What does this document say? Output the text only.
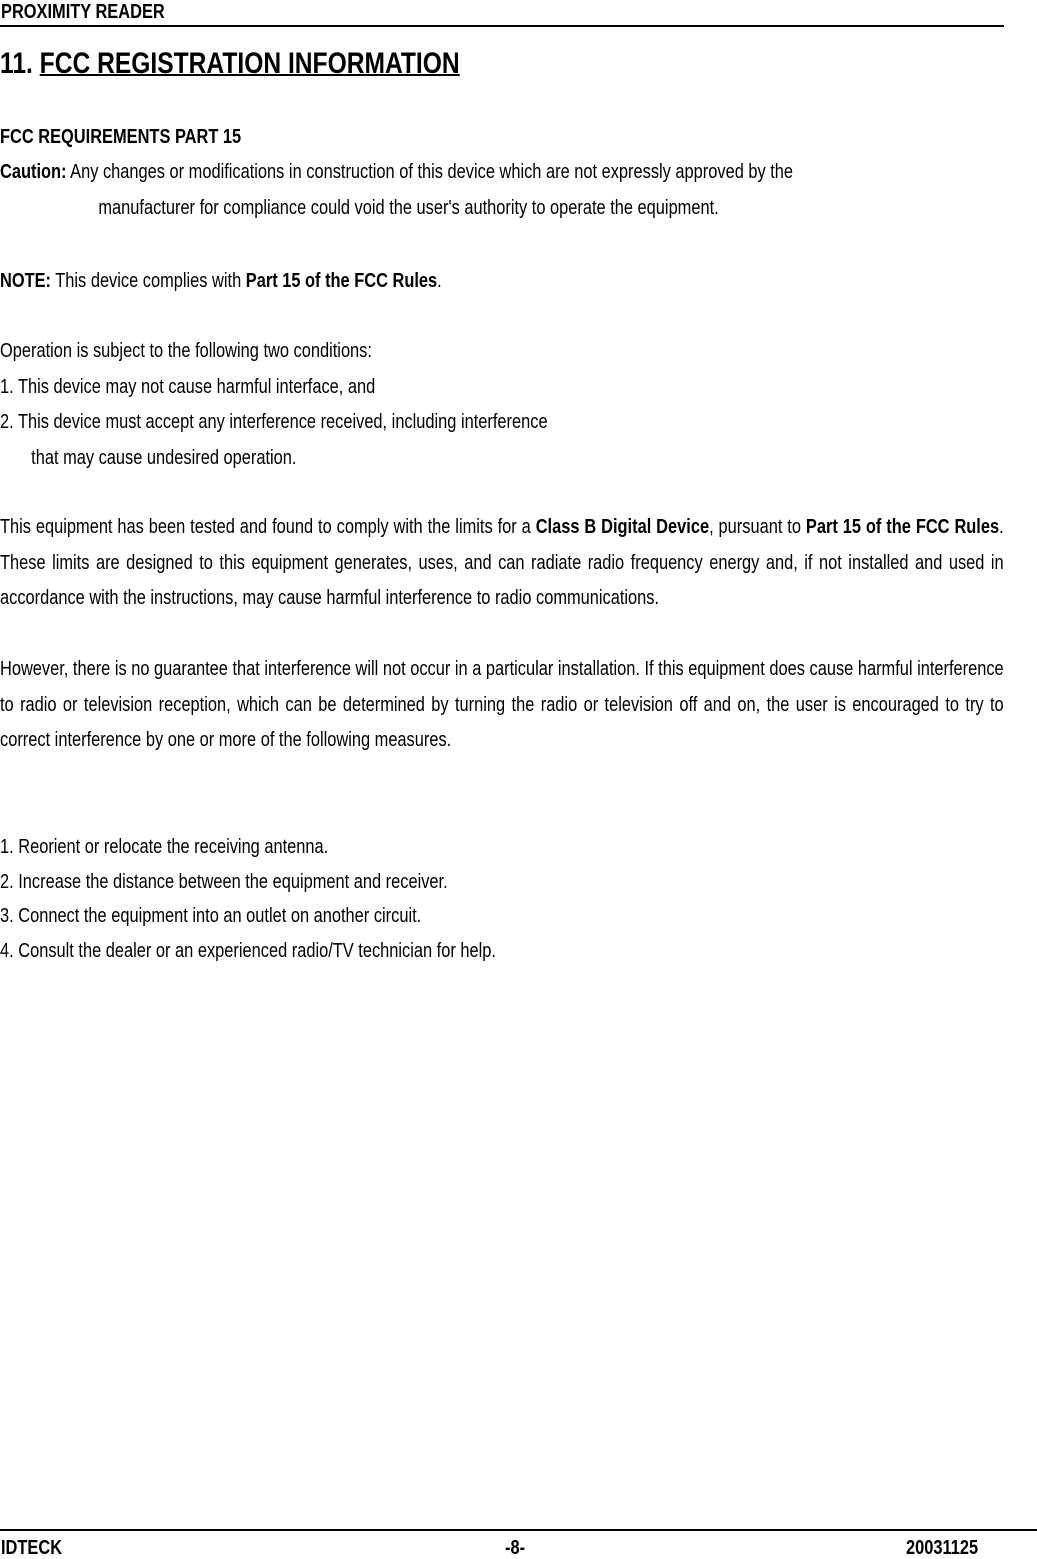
PROXIMITY READER
11. FCC REGISTRATION INFORMATION
FCC REQUIREMENTS PART 15
Caution: Any changes or modifications in construction of this device which are not expressly approved by the
manufacturer for compliance could void the user's authority to operate the equipment.
NOTE: This device complies with Part 15 of the FCC Rules.
Operation is subject to the following two conditions:
1. This device may not cause harmful interface, and
2. This device must accept any interference received, including interference
that may cause undesired operation.
This equipment has been tested and found to comply with the limits for a Class B Digital Device, pursuant to Part 15 of the FCC Rules. These limits are designed to this equipment generates, uses, and can radiate radio frequency energy and, if not installed and used in accordance with the instructions, may cause harmful interference to radio communications.
However, there is no guarantee that interference will not occur in a particular installation. If this equipment does cause harmful interference to radio or television reception, which can be determined by turning the radio or television off and on, the user is encouraged to try to correct interference by one or more of the following measures.
1. Reorient or relocate the receiving antenna.
2. Increase the distance between the equipment and receiver.
3. Connect the equipment into an outlet on another circuit.
4. Consult the dealer or an experienced radio/TV technician for help.
IDTECK	-8-	20031125
